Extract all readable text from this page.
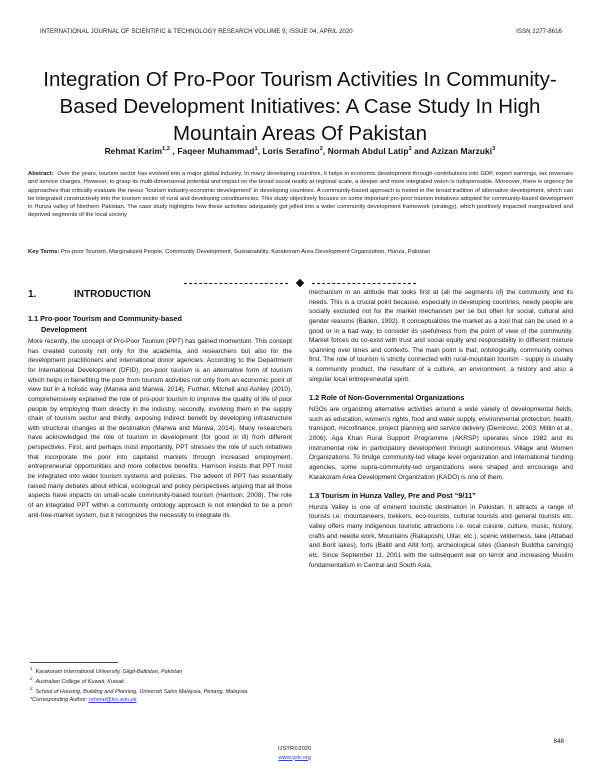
INTERNATIONAL JOURNAL OF SCIENTIFIC & TECHNOLOGY RESEARCH VOLUME 9, ISSUE 04, APRIL 2020	ISSN 2277-8616
Integration Of Pro-Poor Tourism Activities In Community-Based Development Initiatives: A Case Study In High Mountain Areas Of Pakistan
Rehmat Karim$^{1,2}$ , Faqeer Muhammad$^1$, Loris Serafino$^2$, Normah Abdul Latip$^3$ and Azizan Marzuki$^3$
Abstract: Over the years, tourism sector has evolved into a major global industry. In many developing countries, it helps in economic development through contributions into GDP, export earnings, tax revenues and service charges. However, to grasp its multi-dimensional potential and impact on the broad social reality at regional scale, a deeper and more integrated vision is indispensable. Moreover, there is urgency for approaches that critically evaluate the nexus “tourism industry-economic development” in developing countries. A community-based approach is rooted in the broad tradition of alternative development, which can be integrated constructively into the tourism sector of rural and developing constituencies. This study objectively focuses on some important pro-poor tourism initiatives adopted for community-based development in Hunza valley of Northern Pakistan. The case study highlights how these activities adequately got jelled into a wider community development framework (strategy), which positively impacted marginalized and deprived segments of the local society
Key Terms: Pro-poor Tourism, Marginalized People, Community Development, Sustainability, Karakoram Area Development Organization, Hunza, Pakistan
1.	INTRODUCTION
1.1 Pro-poor Tourism and Community-based
Development

More recently, the concept of Pro-Poor Tourism (PPT) has gained momentum. This concept has created curiosity not only for the academia, and researchers but also for the development practitioners and international donor agencies. According to the Department for International Development (DFID), pro-poor tourism is an alternative form of tourism which helps in benefiting the poor from tourism activities not only from an economic point of view but in a holistic way (Manwa and Manwa, 2014). Further, Mitchell and Ashley (2010), comprehensively explained the role of pro-poor tourism to improve the quality of life of poor people by employing them directly in the industry, secondly, involving them in the supply chain of tourism sector and thirdly, exposing indirect benefit by developing infrastructure with structural changes at the destination (Manwa and Manwa, 2014). Many researchers have acknowledged the role of tourism in development (for good or ill) from different perspectives. First, and perhaps most importantly, PPT stresses the role of such initiatives that incorporate the poor into capitalist markets through increased employment, entrepreneurial opportunities and more collective benefits. Harrison insists that PPT must be integrated into wider tourism systems and policies. The advent of PPT has essentially raised many debates about ethical, ecological and policy perspectives arguing that all those aspects have impacts on small-scale community-based tourism (Harrison, 2008). The role of an integrated PPT within a community ontology approach is not intended to be a priori anti-free-market system, but it recognizes the necessity to integrate its

mechanism in an attitude that looks first at (all the segments of) the community and its needs. This is a crucial point because, especially in developing countries, needy people are socially excluded not for the market mechanism per se but often for social, cultural and gender reasons (Baden, 1992). It conceptualizes the market as a tool that can be used in a good or in a bad way, to consider its usefulness from the point of view of the community. Market forces do co-exist with trust and social equity and responsibility in different mixture spanning over times and contexts. The main point is that, ontologically, community comes first. The role of tourism is strictly connected with rural-mountain tourism - supply is usually a community product, the resultant of a culture, an environment, a history and also a singular local entrepreneurial spirit.

1.2 Role of Non-Governmental Organizations

NGOs are organizing alternative activities around a wide variety of developmental fields, such as education, women's rights, food and water supply, environmental protection, health, transport, microfinance, project planning and service delivery (Demirovic, 2003; Mitlin et al., 2006). Aga Khan Rural Support Programme (AKRSP) operates since 1982 and its instrumental role in participatory development through autonomous Village and Women Organizations. To bridge community-led village level organization and international funding agencies, some supra-community-led organizations were shaped and encourage and Karakoram Area Development Organization (KADO) is one of them.

1.3 Tourism in Hunza Valley, Pre and Post “9/11”

Hunza Valley is one of eminent touristic destination in Pakistan. It attracts a range of tourists i.e. mountaineers, trekkers, eco-tourists, cultural tourists and general tourists etc. valley offers many indigenous touristic attractions i.e. local cuisine, culture, music, history, crafts and needle work, Mountains (Rakaposhi, Ultar, etc.), scenic wilderness, lake (Attabad and Borit lakes), forts (Baltit and Altit fort), archeological sites (Ganesh Buddha carvings) etc. Since September 11, 2001 with the subsequent war on terror and increasing Muslim fundamentalism in Central and South Asia,

$^1$Karakoram International University, Gilgit-Baltistan, Pakistan

$^2$Australian College of Kuwait, Kuwait.

$^3$School of Housing, Building and Planning, Universiti Sains Malaysia, Penang, Malaysia.

*Corresponding Author: rehmat@kiu.edu.pk

IJSTR©2020
www.ijstr.org
848
